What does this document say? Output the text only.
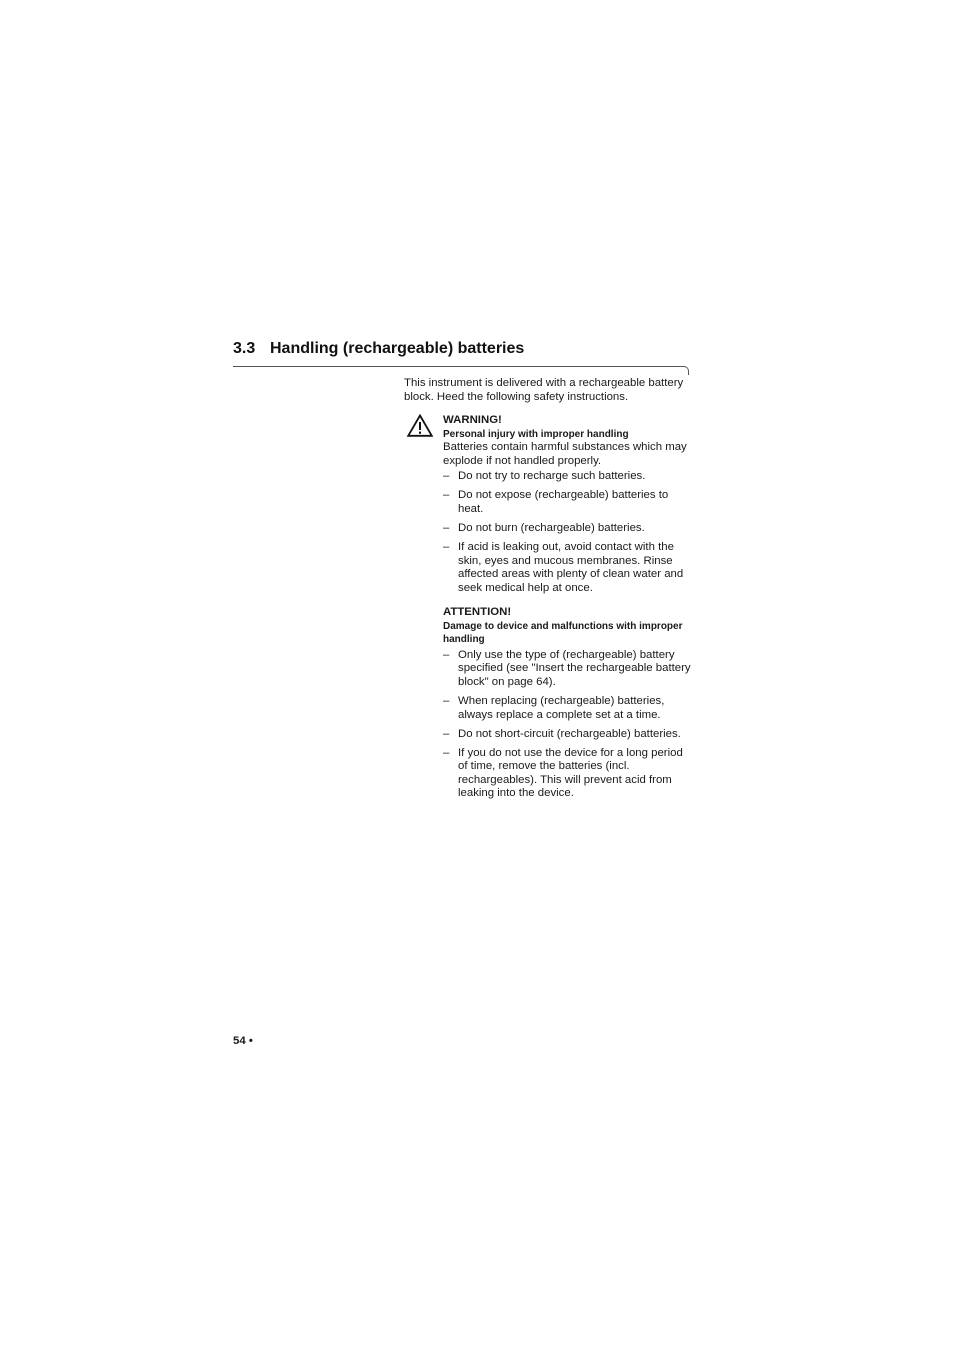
3.3 Handling (rechargeable) batteries

This instrument is delivered with a rechargeable battery block. Heed the following safety instructions.

WARNING!

Personal injury with improper handling

Batteries contain harmful substances which may explode if not handled properly.

– Do not try to recharge such batteries.
– Do not expose (rechargeable) batteries to heat.
– Do not burn (rechargeable) batteries.
– If acid is leaking out, avoid contact with the skin, eyes and mucous membranes. Rinse affected areas with plenty of clean water and seek medical help at once.

ATTENTION!

Damage to device and malfunctions with improper handling

– Only use the type of (rechargeable) battery specified (see "Insert the rechargeable battery block" on page 64).
– When replacing (rechargeable) batteries, always replace a complete set at a time.
– Do not short-circuit (rechargeable) batteries.
– If you do not use the device for a long period of time, remove the batteries (incl. rechargeables). This will prevent acid from leaking into the device.
54 •
